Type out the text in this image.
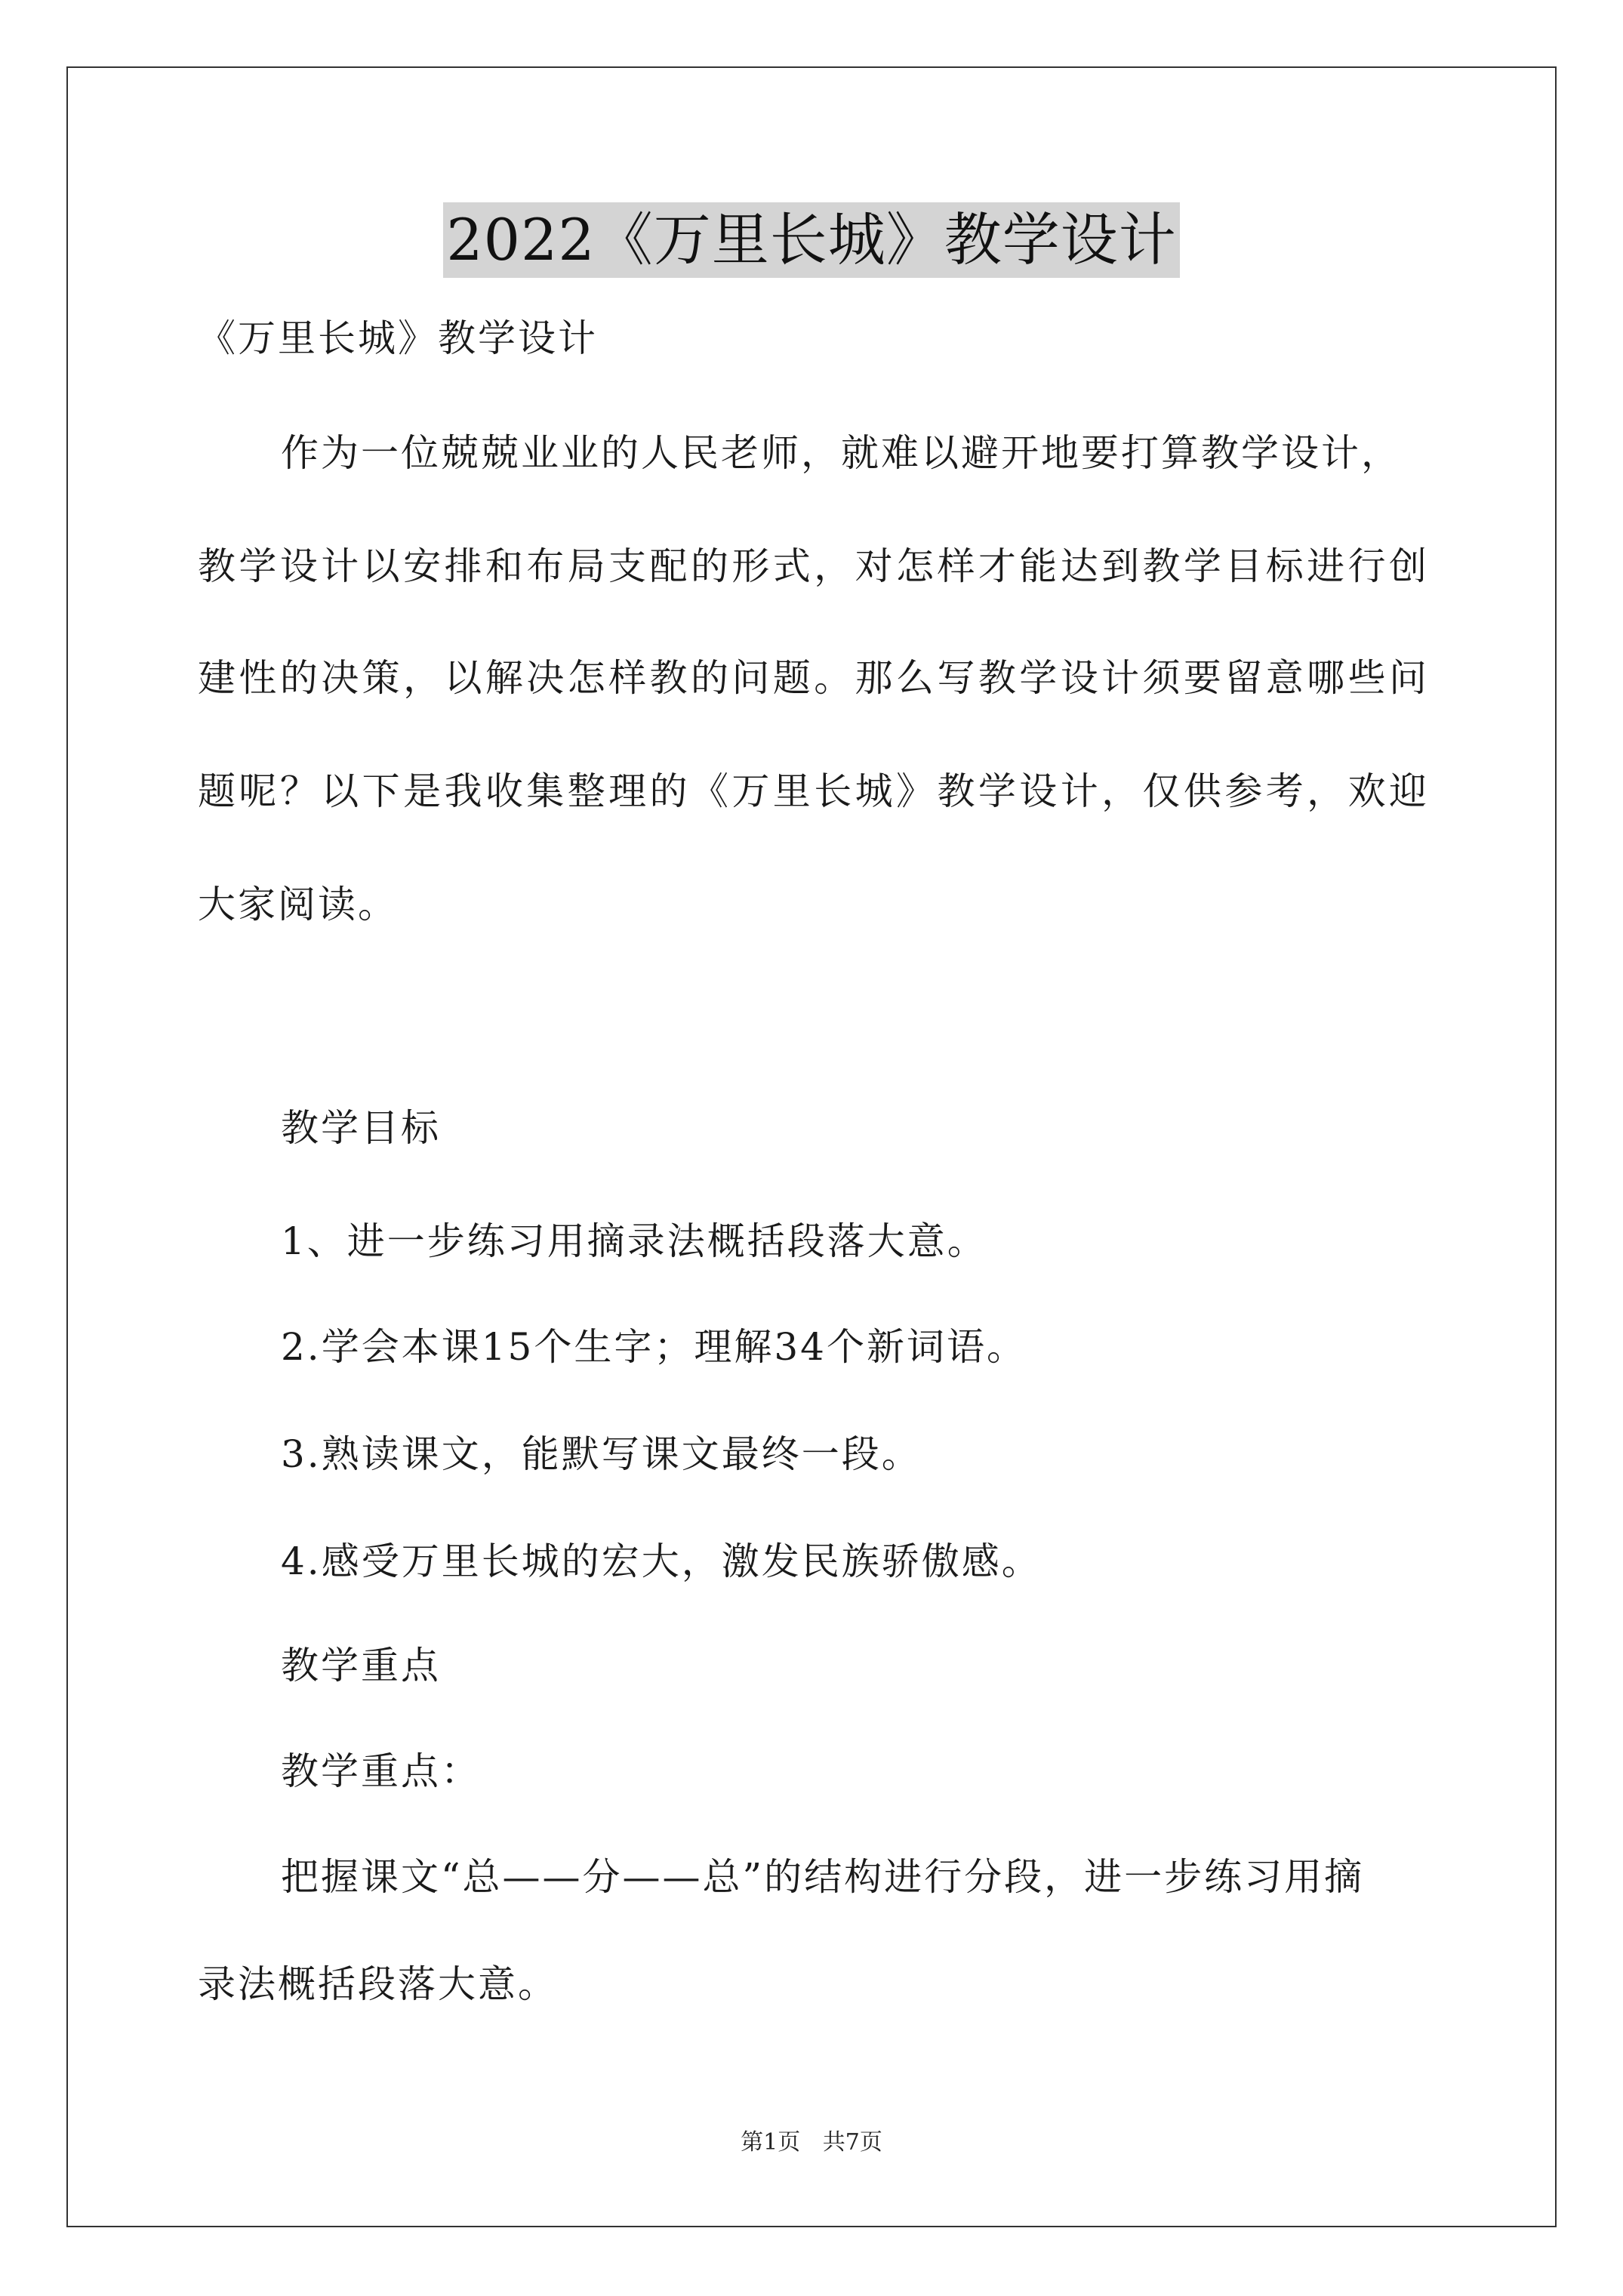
2022《万里长城》教学设计
《万里长城》教学设计
作为一位兢兢业业的人民老师，就难以避开地要打算教学设计，
教学设计以安排和布局支配的形式，对怎样才能达到教学目标进行创
建性的决策，以解决怎样教的问题。那么写教学设计须要留意哪些问
题呢？以下是我收集整理的《万里长城》教学设计，仅供参考，欢迎
大家阅读。
教学目标
1、进一步练习用摘录法概括段落大意。
2.学会本课15个生字；理解34个新词语。
3.熟读课文，能默写课文最终一段。
4.感受万里长城的宏大，激发民族骄傲感。
教学重点
教学重点：
把握课文“总——分——总”的结构进行分段，进一步练习用摘
录法概括段落大意。
第1页 共7页
